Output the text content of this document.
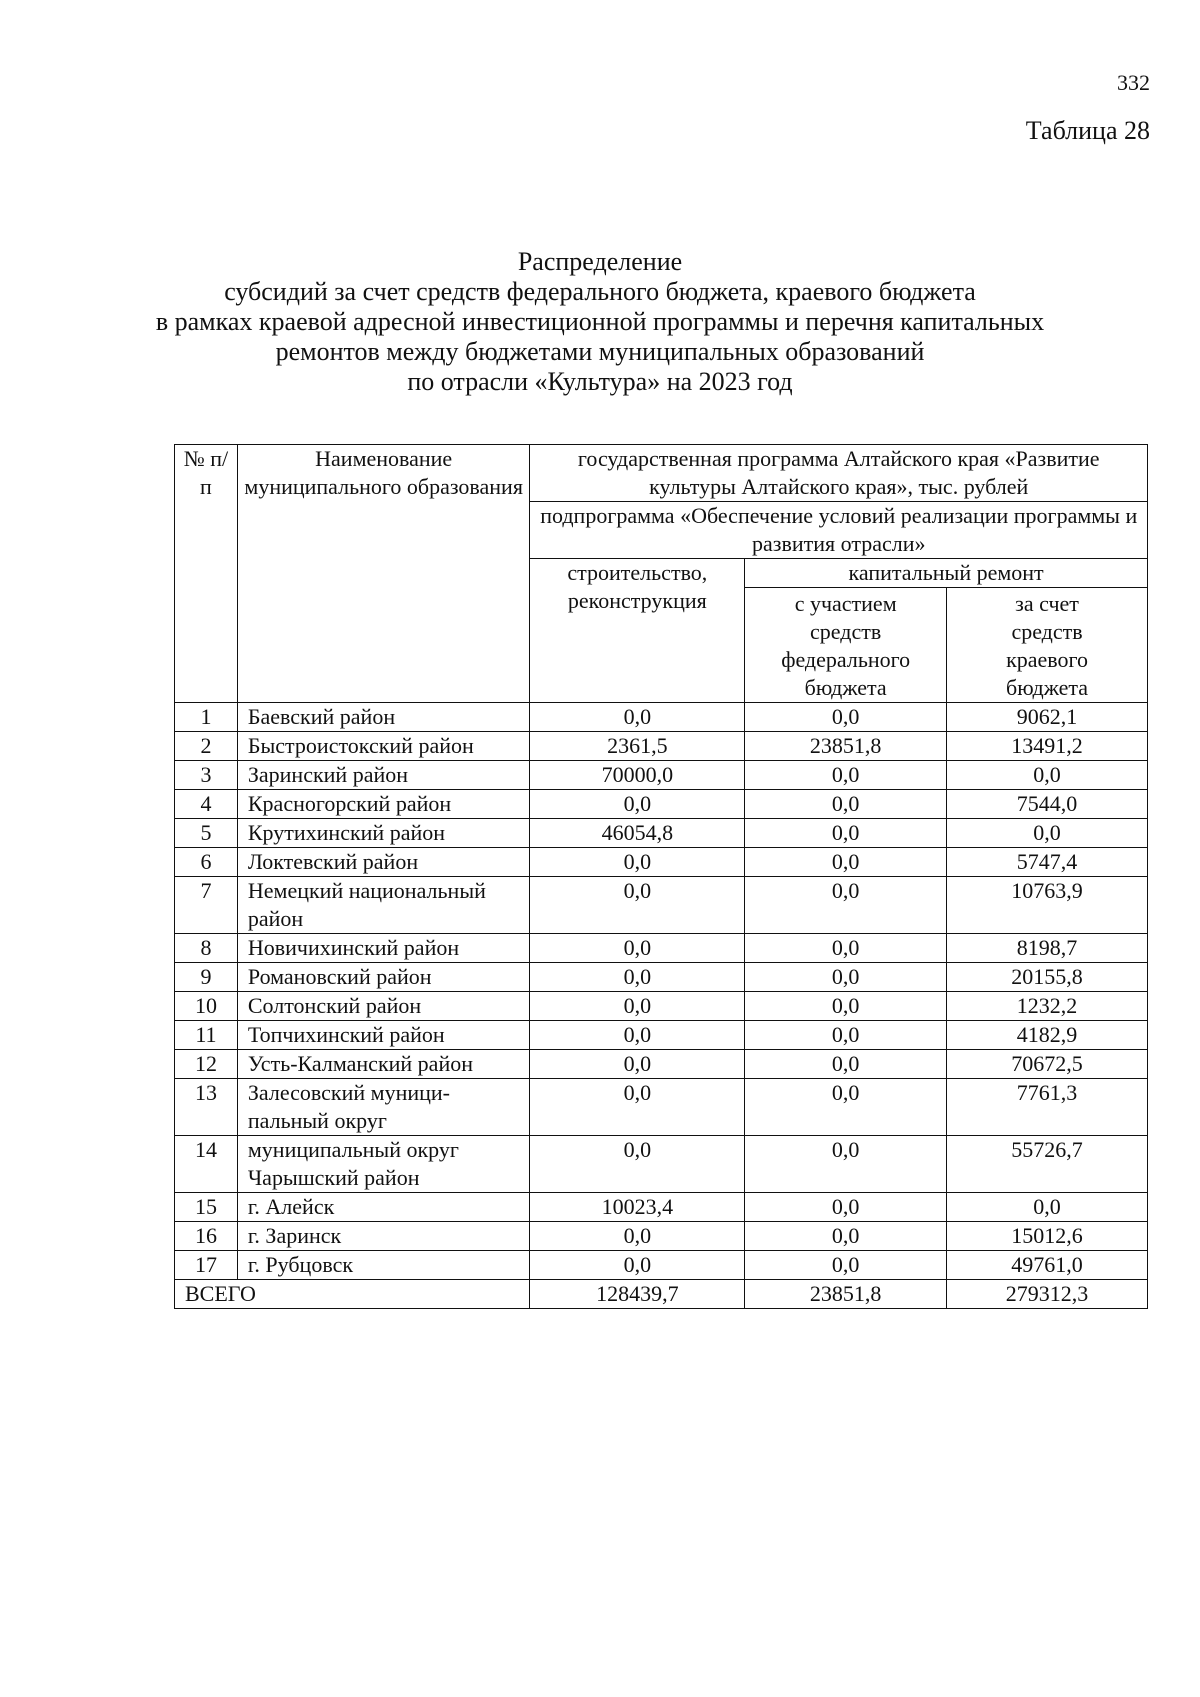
332
Таблица 28
Распределение
субсидий за счет средств федерального бюджета, краевого бюджета
в рамках краевой адресной инвестиционной программы и перечня капитальных
ремонтов между бюджетами муниципальных образований
по отрасли «Культура» на 2023 год
№ п/п	Наименование муниципального образования	государственная программа Алтайского края «Развитие культуры Алтайского края», тыс. рублей		
		подпрограмма «Обеспечение условий реализации программы и развития отрасли»		
		строительство, реконструкция	капитальный ремонт	
			с участием средств федерального бюджета	за счет средств краевого бюджета
1	Баевский район	0,0	0,0	9062,1
2	Быстроистокский район	2361,5	23851,8	13491,2
3	Заринский район	70000,0	0,0	0,0
4	Красногорский район	0,0	0,0	7544,0
5	Крутихинский район	46054,8	0,0	0,0
6	Локтевский район	0,0	0,0	5747,4
7	Немецкий национальный район	0,0	0,0	10763,9
8	Новичихинский район	0,0	0,0	8198,7
9	Романовский район	0,0	0,0	20155,8
10	Солтонский район	0,0	0,0	1232,2
11	Топчихинский район	0,0	0,0	4182,9
12	Усть-Калманский район	0,0	0,0	70672,5
13	Залесовский муници-пальный округ	0,0	0,0	7761,3
14	муниципальный округ Чарышский район	0,0	0,0	55726,7
15	г. Алейск	10023,4	0,0	0,0
16	г. Заринск	0,0	0,0	15012,6
17	г. Рубцовск	0,0	0,0	49761,0
ВСЕГО		128439,7	23851,8	279312,3
